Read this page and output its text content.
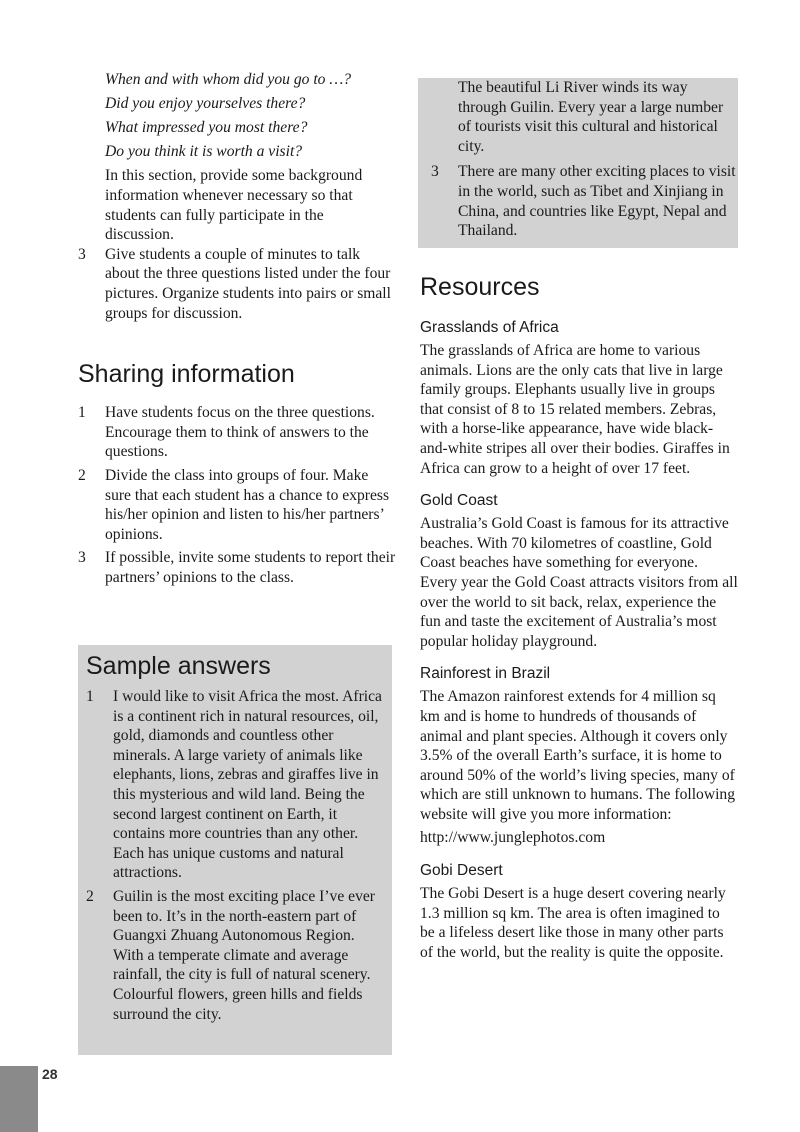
When and with whom did you go to …?

Did you enjoy yourselves there?

What impressed you most there?

Do you think it is worth a visit?

In this section, provide some background information whenever necessary so that students can fully participate in the discussion.

3	Give students a couple of minutes to talk about the three questions listed under the four pictures. Organize students into pairs or small groups for discussion.
Sharing information
1	Have students focus on the three questions. Encourage them to think of answers to the questions.
2	Divide the class into groups of four. Make sure that each student has a chance to express his/her opinion and listen to his/her partners’ opinions.
3	If possible, invite some students to report their partners’ opinions to the class.
Sample answers
1	I would like to visit Africa the most. Africa is a continent rich in natural resources, oil, gold, diamonds and countless other minerals. A large variety of animals like elephants, lions, zebras and giraffes live in this mysterious and wild land. Being the second largest continent on Earth, it contains more countries than any other. Each has unique customs and natural attractions.
2	Guilin is the most exciting place I’ve ever been to. It’s in the north-eastern part of Guangxi Zhuang Autonomous Region. With a temperate climate and average rainfall, the city is full of natural scenery. Colourful flowers, green hills and fields surround the city.
The beautiful Li River winds its way through Guilin. Every year a large number of tourists visit this cultural and historical city.
3	There are many other exciting places to visit in the world, such as Tibet and Xinjiang in China, and countries like Egypt, Nepal and Thailand.
Resources
Grasslands of Africa

The grasslands of Africa are home to various animals. Lions are the only cats that live in large family groups. Elephants usually live in groups that consist of 8 to 15 related members. Zebras, with a horse-like appearance, have wide black-and-white stripes all over their bodies. Giraffes in Africa can grow to a height of over 17 feet.

Gold Coast

Australia’s Gold Coast is famous for its attractive beaches. With 70 kilometres of coastline, Gold Coast beaches have something for everyone. Every year the Gold Coast attracts visitors from all over the world to sit back, relax, experience the fun and taste the excitement of Australia’s most popular holiday playground.

Rainforest in Brazil

The Amazon rainforest extends for 4 million sq km and is home to hundreds of thousands of animal and plant species. Although it covers only 3.5% of the overall Earth’s surface, it is home to around 50% of the world’s living species, many of which are still unknown to humans. The following website will give you more information:

http://www.junglephotos.com

Gobi Desert

The Gobi Desert is a huge desert covering nearly 1.3 million sq km. The area is often imagined to be a lifeless desert like those in many other parts of the world, but the reality is quite the opposite.

28
